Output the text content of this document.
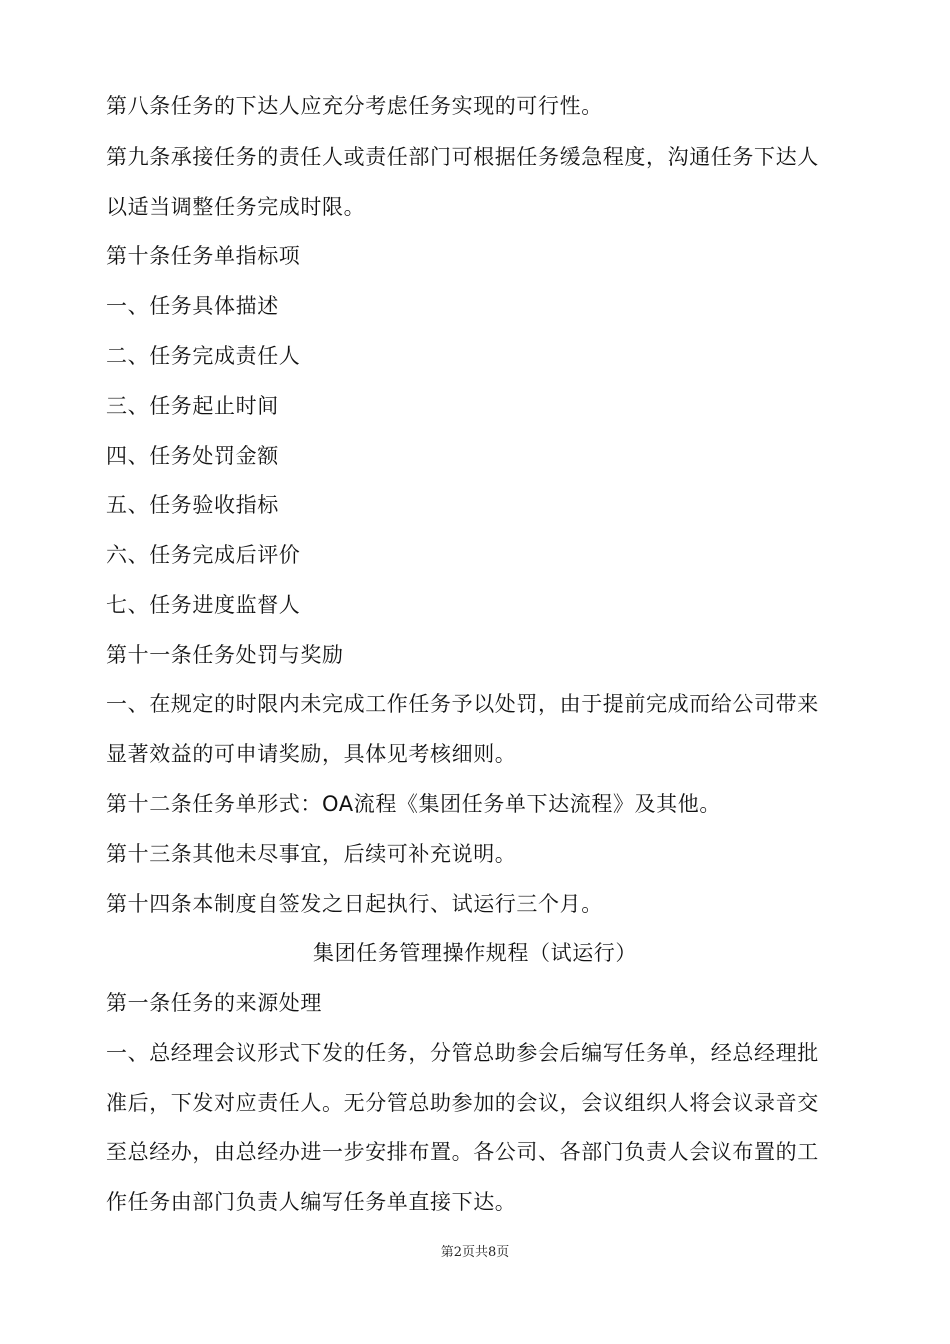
第八条任务的下达人应充分考虑任务实现的可行性。
第九条承接任务的责任人或责任部门可根据任务缓急程度，沟通任务下达人
以适当调整任务完成时限。
第十条任务单指标项
一、任务具体描述
二、任务完成责任人
三、任务起止时间
四、任务处罚金额
五、任务验收指标
六、任务完成后评价
七、任务进度监督人
第十一条任务处罚与奖励
一、在规定的时限内未完成工作任务予以处罚，由于提前完成而给公司带来
显著效益的可申请奖励，具体见考核细则。
第十二条任务单形式：OA流程《集团任务单下达流程》及其他。
第十三条其他未尽事宜，后续可补充说明。
第十四条本制度自签发之日起执行、试运行三个月。
集团任务管理操作规程（试运行）
第一条任务的来源处理
一、总经理会议形式下发的任务，分管总助参会后编写任务单，经总经理批
准后，下发对应责任人。无分管总助参加的会议，会议组织人将会议录音交
至总经办，由总经办进一步安排布置。各公司、各部门负责人会议布置的工
作任务由部门负责人编写任务单直接下达。
第2页共8页
